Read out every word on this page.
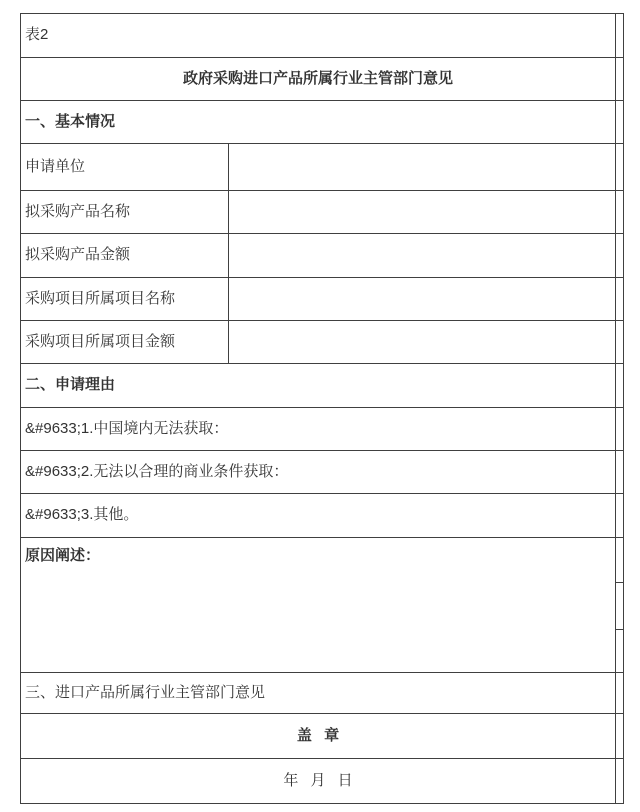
表2		
政府采购进口产品所属行业主管部门意见		
一、基本情况		
申请单位		
拟采购产品名称		
拟采购产品金额		
采购项目所属项目名称		
采购项目所属项目金额		
二、申请理由		
&#9633;1.中国境内无法获取：		
&#9633;2.无法以合理的商业条件获取：		
&#9633;3.其他。		
原因阐述：		

三、进口产品所属行业主管部门意见		
盖 章		
年 月 日		
